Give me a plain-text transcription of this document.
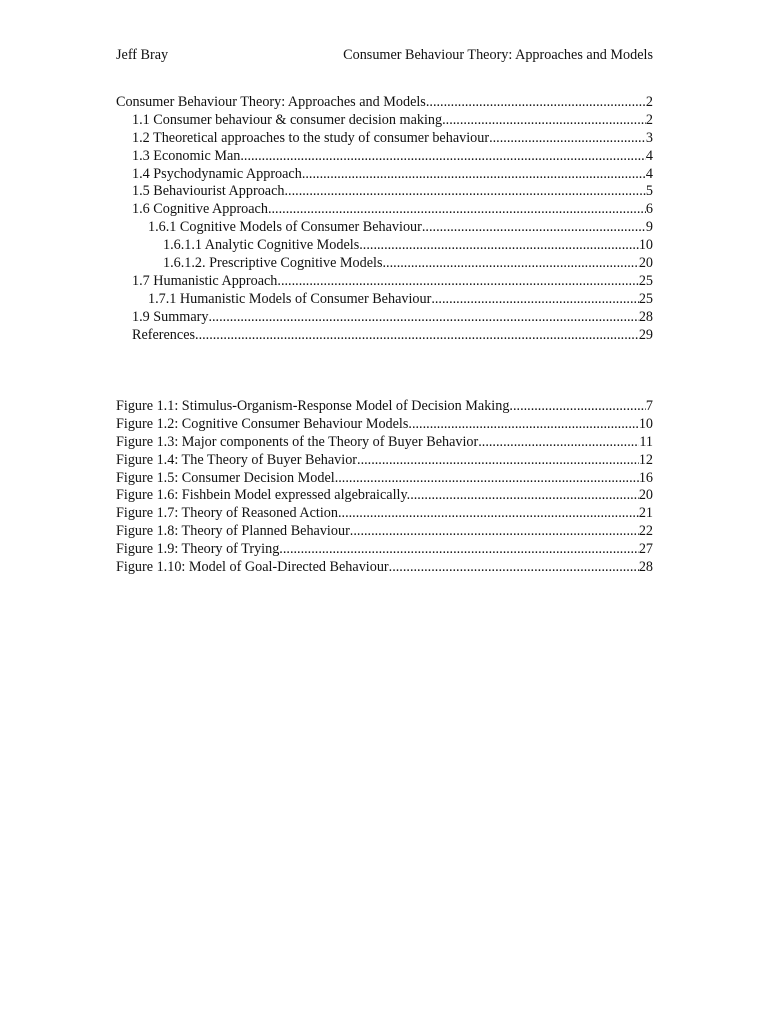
Jeff Bray	Consumer Behaviour Theory: Approaches and Models
Consumer Behaviour Theory: Approaches and Models .....	2
1.1 Consumer behaviour & consumer decision making .....	2
1.2 Theoretical approaches to the study of consumer behaviour .....	3
1.3 Economic Man .....	4
1.4 Psychodynamic Approach .....	4
1.5 Behaviourist Approach .....	5
1.6 Cognitive Approach .....	6
1.6.1 Cognitive Models of Consumer Behaviour .....	9
1.6.1.1 Analytic Cognitive Models .....	10
1.6.1.2. Prescriptive Cognitive Models .....	20
1.7 Humanistic Approach .....	25
1.7.1 Humanistic Models of Consumer Behaviour .....	25
1.9 Summary .....	28
References .....	29
Figure 1.1: Stimulus-Organism-Response Model of Decision Making .....	7
Figure 1.2: Cognitive Consumer Behaviour Models .....	10
Figure 1.3: Major components of the Theory of Buyer Behavior .....	11
Figure 1.4: The Theory of Buyer Behavior .....	12
Figure 1.5: Consumer Decision Model .....	16
Figure 1.6: Fishbein Model expressed algebraically. .....	20
Figure 1.7: Theory of Reasoned Action .....	21
Figure 1.8: Theory of Planned Behaviour .....	22
Figure 1.9: Theory of Trying .....	27
Figure 1.10: Model of Goal-Directed Behaviour .....	28
